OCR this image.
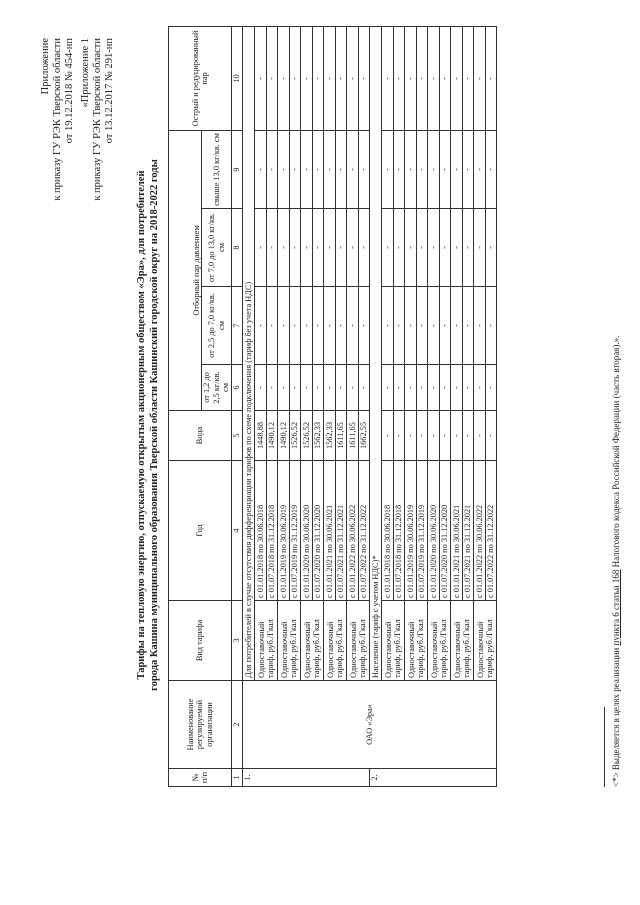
Приложение к приказу ГУ РЭК Тверской области от 19.12.2018 № 454-нп «Приложение 1 к приказу ГУ РЭК Тверской области от 13.12.2017 № 291-нп
Тарифы на тепловую энергию, отпускаемую открытым акционерным обществом «Эра», для потребителей города Кашина муниципального образования Тверской области Кашинский городской округ на 2018-2022 годы
№ п/п	Наименование регулируемой организации	Вид тарифа	Год	Вода	Отборный пар давлением				Острый и редуцированный пар

					от 1,2 до 2,5 кг/кв. см	от 2,5 до 7,0 кг/кв. см	от 7,0 до 13,0 кг/кв. см	свыше 13,0 кг/кв. см	
1	2	3	4	5	6	7	8	9	10
1.	ОАО «Эра»	Для потребителей в случае отсутствия дифференциации тарифов по схеме подключения (тариф без учета НДС)							
		Одноставочный тариф, руб./Гкал	с 01.01.2018 по 30.06.2018	1448,88	-	-	-	-	-
			с 01.07.2018 по 31.12.2018	1490,12	-	-	-	-	-
		Одноставочный тариф, руб./Гкал	с 01.01.2019 по 30.06.2019	1490,12	-	-	-	-	-
			с 01.07.2019 по 31.12.2019	1526,52	-	-	-	-	-
		Одноставочный тариф, руб./Гкал	с 01.01.2020 по 30.06.2020	1526,52	-	-	-	-	-
			с 01.07.2020 по 31.12.2020	1562,33	-	-	-	-	-
		Одноставочный тариф, руб./Гкал	с 01.01.2021 по 30.06.2021	1562,33	-	-	-	-	-
			с 01.07.2021 по 31.12.2021	1611,65	-	-	-	-	-
		Одноставочный тариф, руб./Гкал	с 01.01.2022 по 30.06.2022	1611,65	-	-	-	-	-
			с 01.07.2022 по 31.12.2022	1662,55	-	-	-	-	-
2.		Население (тариф с учетом НДС)*							
		Одноставочный тариф, руб./Гкал	с 01.01.2018 по 30.06.2018	-	-	-	-	-	-
			с 01.07.2018 по 31.12.2018	-	-	-	-	-	-
		Одноставочный тариф, руб./Гкал	с 01.01.2019 по 30.06.2019	-	-	-	-	-	-
			с 01.07.2019 по 31.12.2019	-	-	-	-	-	-
		Одноставочный тариф, руб./Гкал	с 01.01.2020 по 30.06.2020	-	-	-	-	-	-
			с 01.07.2020 по 31.12.2020	-	-	-	-	-	-
		Одноставочный тариф, руб./Гкал	с 01.01.2021 по 30.06.2021	-	-	-	-	-	-
			с 01.07.2021 по 31.12.2021	-	-	-	-	-	-
		Одноставочный тариф, руб./Гкал	с 01.01.2022 по 30.06.2022	-	-	-	-	-	-
			с 01.07.2022 по 31.12.2022	-	-	-	-	-	-
<*> Выделяется в целях реализации пункта 6 статьи 168 Налогового кодекса Российской Федерации (часть вторая).».
